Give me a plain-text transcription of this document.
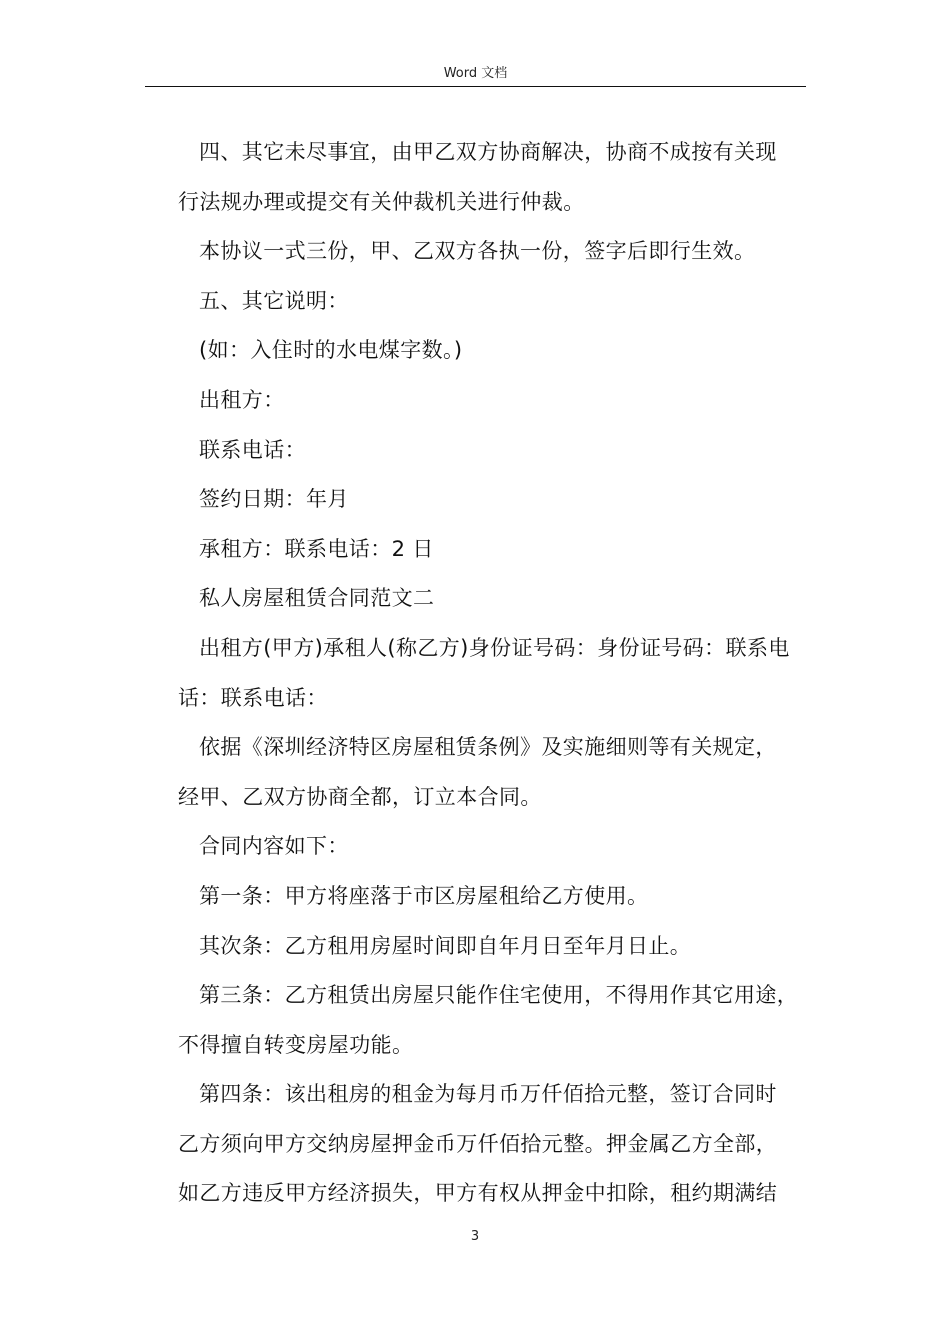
Word 文档

四、其它未尽事宜，由甲乙双方协商解决，协商不成按有关现
行法规办理或提交有关仲裁机关进行仲裁。

本协议一式三份，甲、乙双方各执一份，签字后即行生效。

五、其它说明：

(如：入住时的水电煤字数。)

出租方：

联系电话：

签约日期：年月

承租方：联系电话：2 日

私人房屋租赁合同范文二

出租方(甲方)承租人(称乙方)身份证号码：身份证号码：联系电
话：联系电话：

依据《深圳经济特区房屋租赁条例》及实施细则等有关规定，
经甲、乙双方协商全都，订立本合同。

合同内容如下：

第一条：甲方将座落于市区房屋租给乙方使用。

其次条：乙方租用房屋时间即自年月日至年月日止。

第三条：乙方租赁出房屋只能作住宅使用，不得用作其它用途，
不得擅自转变房屋功能。

第四条：该出租房的租金为每月币万仟佰拾元整，签订合同时
乙方须向甲方交纳房屋押金币万仟佰拾元整。押金属乙方全部，
如乙方违反甲方经济损失，甲方有权从押金中扣除，租约期满结

3
